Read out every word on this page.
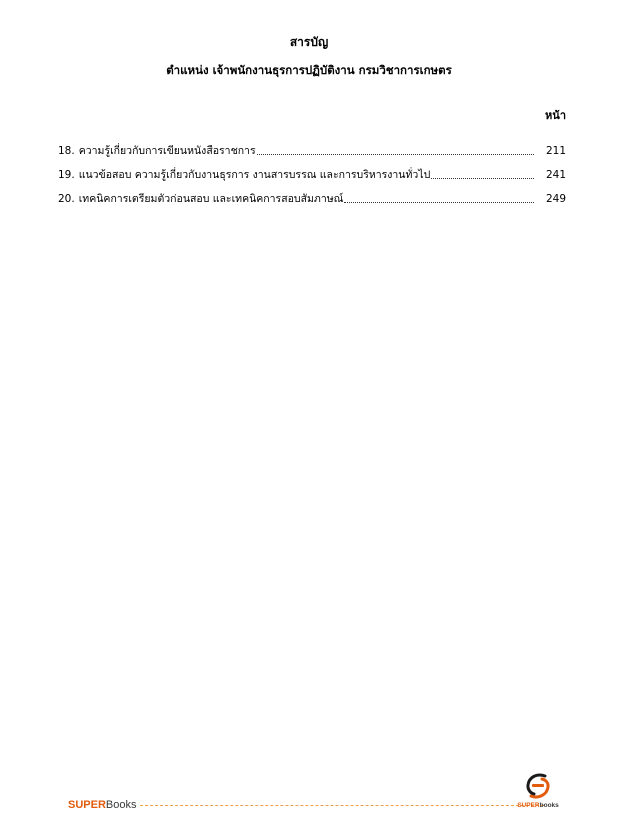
สารบัญ
ตำแหน่ง เจ้าพนักงานธุรการปฏิบัติงาน กรมวิชาการเกษตร
หน้า
18. ความรู้เกี่ยวกับการเขียนหนังสือราชการ	211
19. แนวข้อสอบ ความรู้เกี่ยวกับงานธุรการ งานสารบรรณ และการบริหารงานทั่วไป	241
20. เทคนิคการเตรียมตัวก่อนสอบ และเทคนิคการสอบสัมภาษณ์	249
SUPERBooks	SUPERbooks
